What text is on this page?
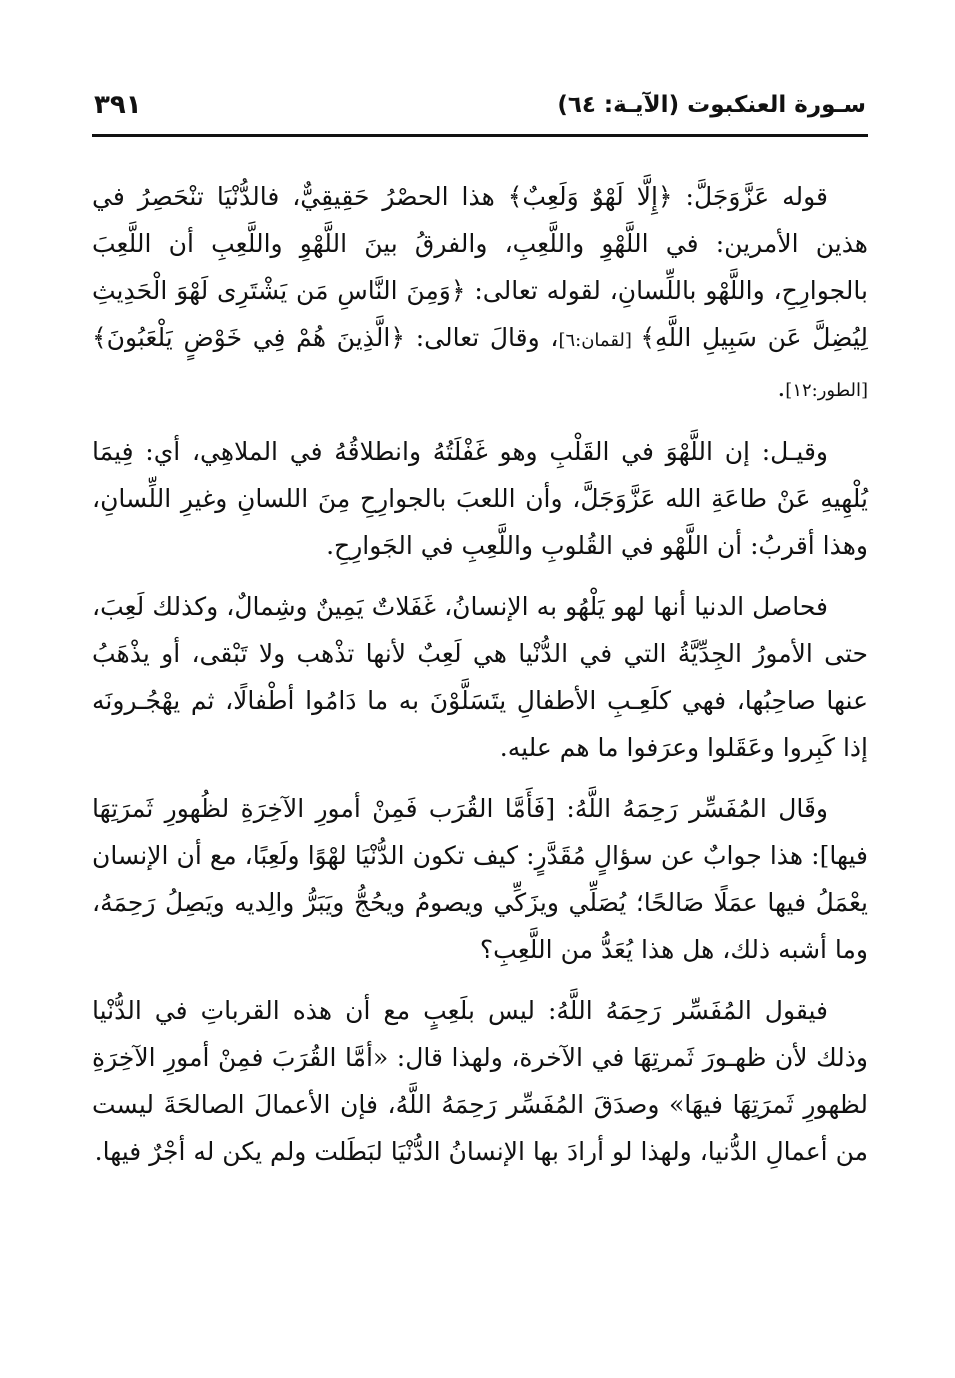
٣٩١	سـورة العنكبوت (الآيـة: ٦٤)

قوله عَزَّوَجَلَّ: ﴿إِلَّا لَهْوٌ وَلَعِبٌ﴾ هذا الحصْرُ حَقِيقِيٌّ، فالدُّنْيَا تنْحَصِرُ في هذين الأمرين: في اللَّهْوِ واللَّعِبِ، والفرقُ بينَ اللَّهْوِ واللَّعِبِ أن اللَّعِبَ بالجوارِحِ، واللَّهْو باللِّسانِ، لقوله تعالى: ﴿وَمِنَ النَّاسِ مَن يَشْتَرِى لَهْوَ الْحَدِيثِ لِيُضِلَّ عَن سَبِيلِ اللَّهِ﴾ [لقمان:٦]، وقالَ تعالى: ﴿الَّذِينَ هُمْ فِي خَوْضٍ يَلْعَبُونَ﴾ [الطور:١٢].

وقيـل: إن اللَّهْوَ في القَلْبِ وهو غَفْلَتُهُ وانطلاقُهُ في الملاهِي، أي: فِيمَا يُلْهِيهِ عَنْ طاعَةِ الله عَزَّوَجَلَّ، وأن اللعبَ بالجوارِحِ مِنَ اللسانِ وغيرِ اللِّسانِ، وهذا أقربُ: أن اللَّهْو في القُلوبِ واللَّعِبِ في الجَوارِحِ.

فحاصل الدنيا أنها لهو يَلْهُو به الإنسانُ، غَفَلاتٌ يَمِينٌ وشِمالٌ، وكذلك لَعِبَ، حتى الأمورُ الجِدِّيَّةُ التي في الدُّنْيا هي لَعِبٌ لأنها تذْهب ولا تَبْقى، أو يذْهَبُ عنها صاحِبُها، فهي كلَعِـبِ الأطفالِ يتَسَلَّوْنَ به ما دَامُوا أطْفالًا، ثم يهْجُـرونَه إذا كَبِروا وعَقَلوا وعرَفوا ما هم عليه.

وقَال المُفَسِّر رَحِمَهُ اللَّهُ: [فَأَمَّا القُرَب فَمِنْ أمورِ الآخِرَةِ لظُهورِ ثَمرَتِهَا فيها]: هذا جوابٌ عن سؤالٍ مُقَدَّرٍ: كيف تكون الدُّنْيَا لهْوًا ولَعِبًا، مع أن الإنسان يعْمَلُ فيها عمَلًا صَالحًا؛ يُصَلِّي ويزَكِّي ويصومُ ويحُجُّ ويَبَرُّ والِديه ويَصِلُ رَحِمَهُ، وما أشبه ذلك، هل هذا يُعَدُّ من اللَّعِبِ؟

فيقول المُفَسِّر رَحِمَهُ اللَّهُ: ليس بلَعِبٍ مع أن هذه القرباتِ في الدُّنْيا وذلك لأن ظهـورَ ثَمرتِهَا في الآخرة، ولهذا قال: «أمَّا القُرَبَ فمِنْ أمورِ الآخِرَةِ لظهورِ ثَمرَتِهَا فيهَا» وصدَقَ المُفَسِّر رَحِمَهُ اللَّهُ، فإن الأعمالَ الصالحَةَ ليست من أعمالِ الدُّنيا، ولهذا لو أرادَ بها الإنسانُ الدُّنْيَا لبَطَلت ولم يكن له أجْرٌ فيها.
